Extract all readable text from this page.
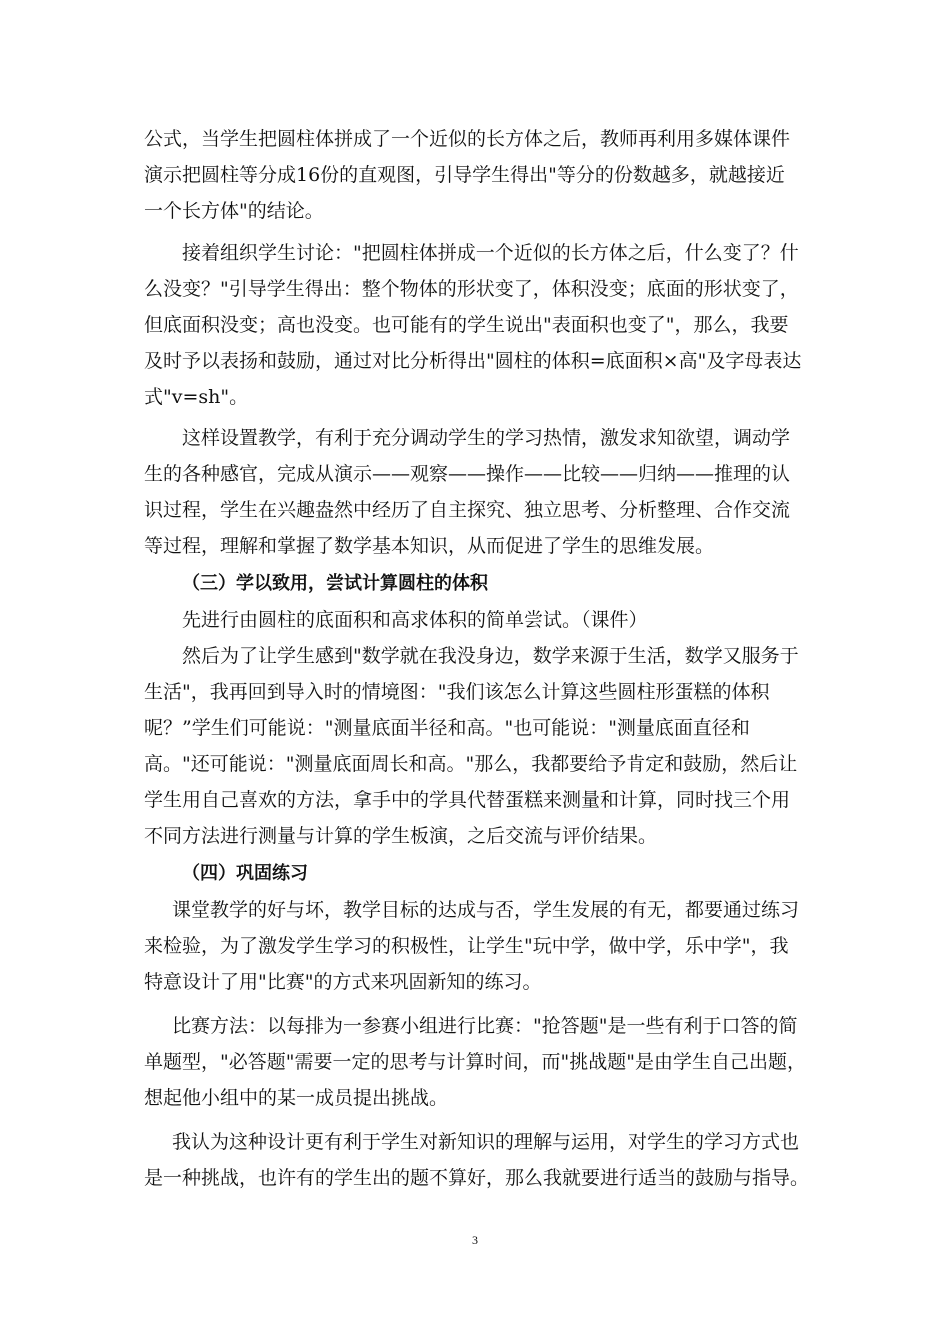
公式，当学生把圆柱体拼成了一个近似的长方体之后，教师再利用多媒体课件

演示把圆柱等分成16份的直观图，引导学生得出"等分的份数越多，就越接近

一个长方体"的结论。

接着组织学生讨论："把圆柱体拼成一个近似的长方体之后，什么变了？什

么没变？"引导学生得出：整个物体的形状变了，体积没变；底面的形状变了，

但底面积没变；高也没变。也可能有的学生说出"表面积也变了"，那么，我要

及时予以表扬和鼓励，通过对比分析得出"圆柱的体积=底面积×高"及字母表达

式"v=sh"。

这样设置教学，有利于充分调动学生的学习热情，激发求知欲望，调动学

生的各种感官，完成从演示——观察——操作——比较——归纳——推理的认

识过程，学生在兴趣盎然中经历了自主探究、独立思考、分析整理、合作交流

等过程，理解和掌握了数学基本知识，从而促进了学生的思维发展。

（三）学以致用，尝试计算圆柱的体积

先进行由圆柱的底面积和高求体积的简单尝试。（课件）

然后为了让学生感到"数学就在我没身边，数学来源于生活，数学又服务于

生活"，我再回到导入时的情境图："我们该怎么计算这些圆柱形蛋糕的体积

呢？”学生们可能说："测量底面半径和高。"也可能说："测量底面直径和

高。"还可能说："测量底面周长和高。"那么，我都要给予肯定和鼓励，然后让

学生用自己喜欢的方法，拿手中的学具代替蛋糕来测量和计算，同时找三个用

不同方法进行测量与计算的学生板演，之后交流与评价结果。

（四）巩固练习

课堂教学的好与坏，教学目标的达成与否，学生发展的有无，都要通过练习

来检验，为了激发学生学习的积极性，让学生"玩中学，做中学，乐中学"，我

特意设计了用"比赛"的方式来巩固新知的练习。

比赛方法：以每排为一参赛小组进行比赛："抢答题"是一些有利于口答的简

单题型，"必答题"需要一定的思考与计算时间，而"挑战题"是由学生自己出题，

想起他小组中的某一成员提出挑战。

我认为这种设计更有利于学生对新知识的理解与运用，对学生的学习方式也

是一种挑战，也许有的学生出的题不算好，那么我就要进行适当的鼓励与指导。

3
